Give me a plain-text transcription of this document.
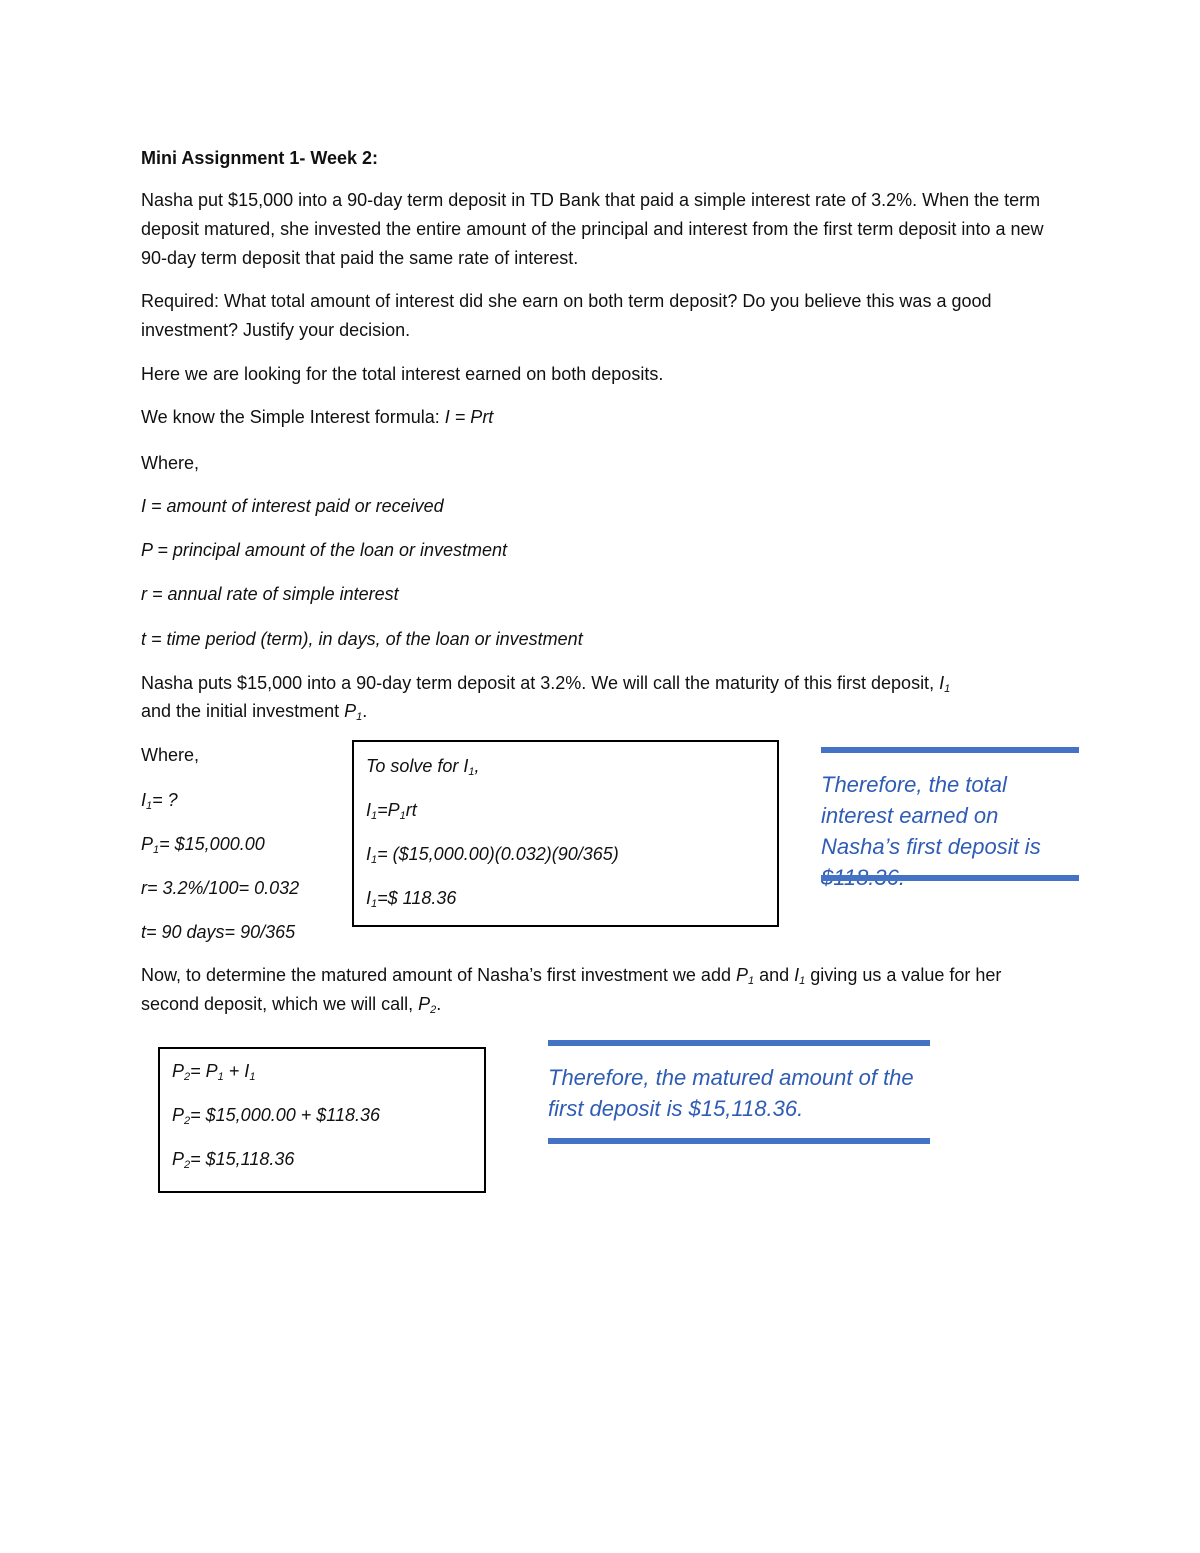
Mini Assignment 1- Week 2:

Nasha put $15,000 into a 90-day term deposit in TD Bank that paid a simple interest rate of 3.2%. When the term deposit matured, she invested the entire amount of the principal and interest from the first term deposit into a new 90-day term deposit that paid the same rate of interest.

Required: What total amount of interest did she earn on both term deposit? Do you believe this was a good investment? Justify your decision.

Here we are looking for the total interest earned on both deposits.

We know the Simple Interest formula: I = Prt

Where,

I = amount of interest paid or received

P = principal amount of the loan or investment

r = annual rate of simple interest

t = time period (term), in days, of the loan or investment

Nasha puts $15,000 into a 90-day term deposit at 3.2%. We will call the maturity of this first deposit, $I_1$

and the initial investment $P_1$.

Where,

$I_1=$ ?

$P_1=$ $15,000.00

r= 3.2%/100= 0.032

t= 90 days= 90/365

To solve for $I_1$,
$I_1=P_1rt$
$I_1=$ ($15,000.00)(0.032)(90/365)
$I_1=\$$ 118.36
Therefore, the total interest earned on Nasha’s first deposit is

Now, to determine the matured amount of Nasha’s first investment we add $P_1$ and $I_1$ giving us a value for her second deposit, which we will call, $P_2$.

$P_2= P_1 + I_1$
$P_2=$ $15,000.00 + $118.36
$P_2=$ $15,118.36
Therefore, the matured amount of the first deposit is $15,118.36.
